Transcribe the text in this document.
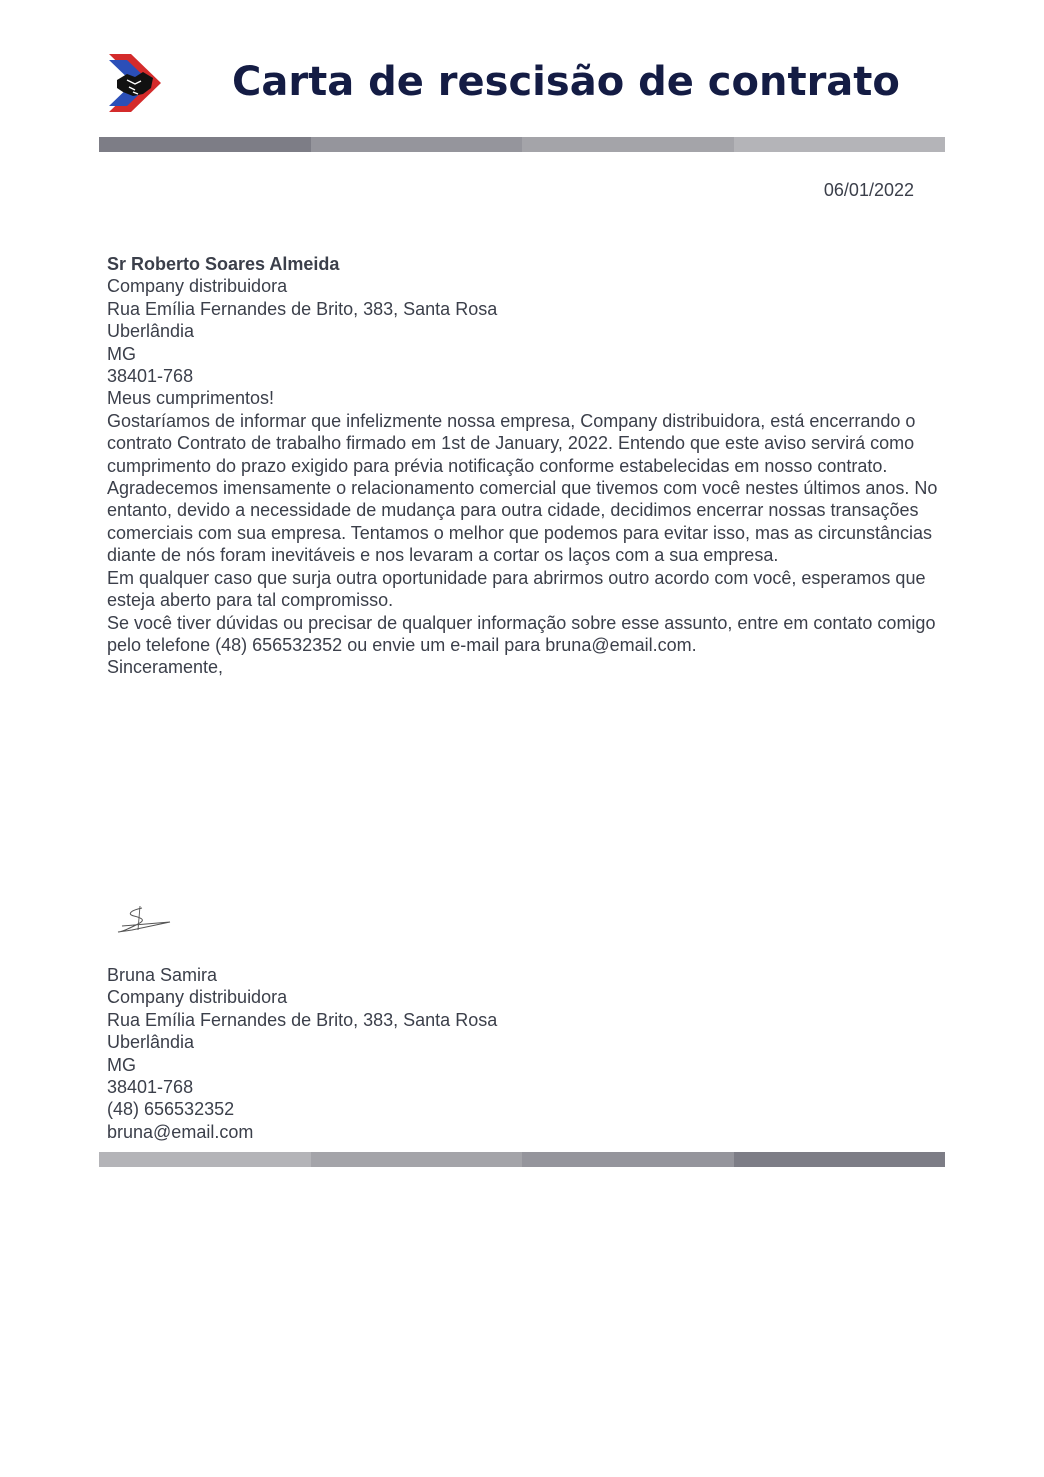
Carta de rescisão de contrato
06/01/2022

Sr Roberto Soares Almeida

Company distribuidora

Rua Emília Fernandes de Brito, 383, Santa Rosa

Uberlândia

MG

38401-768

Meus cumprimentos!

Gostaríamos de informar que infelizmente nossa empresa, Company distribuidora, está encerrando o contrato Contrato de trabalho firmado em 1st de January, 2022. Entendo que este aviso servirá como cumprimento do prazo exigido para prévia notificação conforme estabelecidas em nosso contrato.

Agradecemos imensamente o relacionamento comercial que tivemos com você nestes últimos anos. No entanto, devido a necessidade de mudança para outra cidade, decidimos encerrar nossas transações comerciais com sua empresa. Tentamos o melhor que podemos para evitar isso, mas as circunstâncias diante de nós foram inevitáveis e nos levaram a cortar os laços com a sua empresa.

Em qualquer caso que surja outra oportunidade para abrirmos outro acordo com você, esperamos que esteja aberto para tal compromisso.

Se você tiver dúvidas ou precisar de qualquer informação sobre esse assunto, entre em contato comigo pelo telefone (48) 656532352 ou envie um e-mail para bruna@email.com.

Sinceramente,

Bruna Samira

Company distribuidora

Rua Emília Fernandes de Brito, 383, Santa Rosa

Uberlândia

MG

38401-768

(48) 656532352

bruna@email.com
